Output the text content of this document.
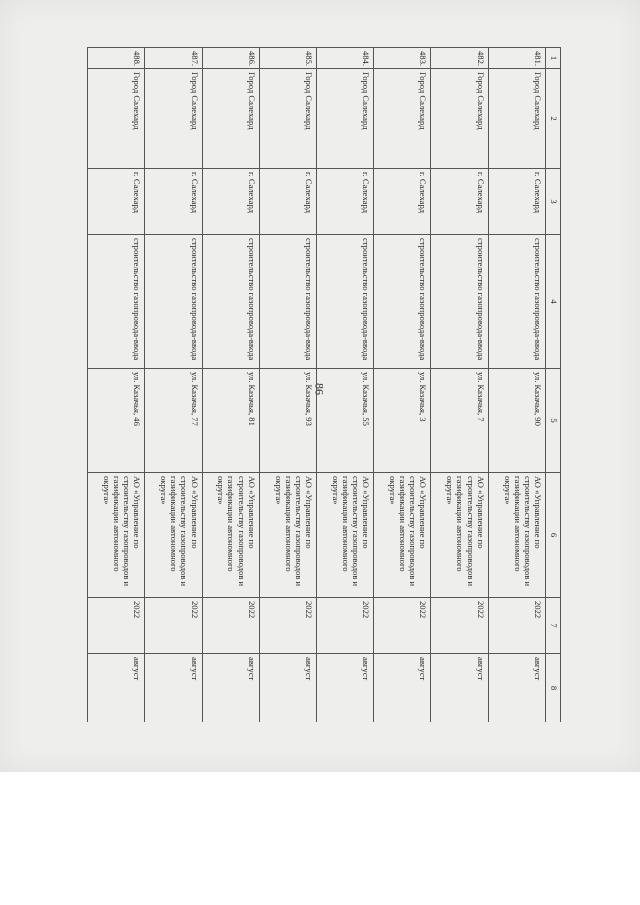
86
1	2	3	4	5	6	7	8
481.	Город Салехард	г. Салехард	строительство газопровода-ввода	ул. Казачья, 90	АО «Управление по строительству газопроводов и газификации автономного округа»	2022	август
482.	Город Салехард	г. Салехард	строительство газопровода-ввода	ул. Казачья, 7	АО «Управление по строительству газопроводов и газификации автономного округа»	2022	август
483.	Город Салехард	г. Салехард	строительство газопровода-ввода	ул. Казачья, 3	АО «Управление по строительству газопроводов и газификации автономного округа»	2022	август
484.	Город Салехард	г. Салехард	строительство газопровода-ввода	ул. Казачья, 55	АО «Управление по строительству газопроводов и газификации автономного округа»	2022	август
485.	Город Салехард	г. Салехард	строительство газопровода-ввода	ул. Казачья, 93	АО «Управление по строительству газопроводов и газификации автономного округа»	2022	август
486.	Город Салехард	г. Салехард	строительство газопровода-ввода	ул. Казачья, 81	АО «Управление по строительству газопроводов и газификации автономного округа»	2022	август
487.	Город Салехард	г. Салехард	строительство газопровода-ввода	ул. Казачья, 77	АО «Управление по строительству газопроводов и газификации автономного округа»	2022	август
488.	Город Салехард	г. Салехард	строительство газопровода-ввода	ул. Казачья, 46	АО «Управление по строительству газопроводов и газификации автономного округа»	2022	август
